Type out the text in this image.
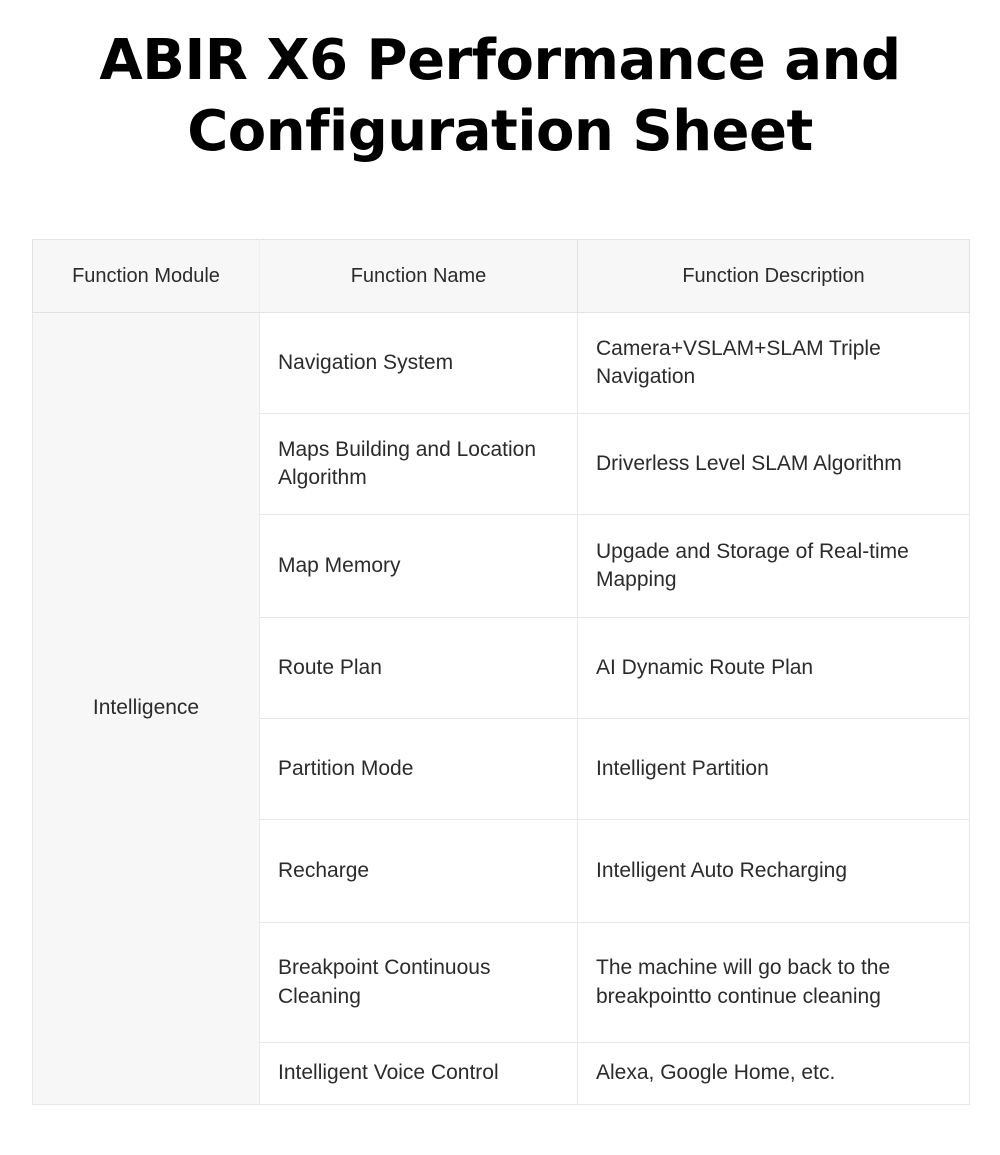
ABIR X6 Performance and Configuration Sheet
Function Module	Function Name	Function Description
Intelligence	Navigation System	Camera+VSLAM+SLAM Triple Navigation
	Maps Building and Location Algorithm	Driverless Level SLAM Algorithm
	Map Memory	Upgade and Storage of Real-time Mapping
	Route Plan	AI Dynamic Route Plan
	Partition Mode	Intelligent Partition
	Recharge	Intelligent Auto Recharging
	Breakpoint Continuous Cleaning	The machine will go back to the breakpointto continue cleaning
	Intelligent Voice Control	Alexa, Google Home, etc.
